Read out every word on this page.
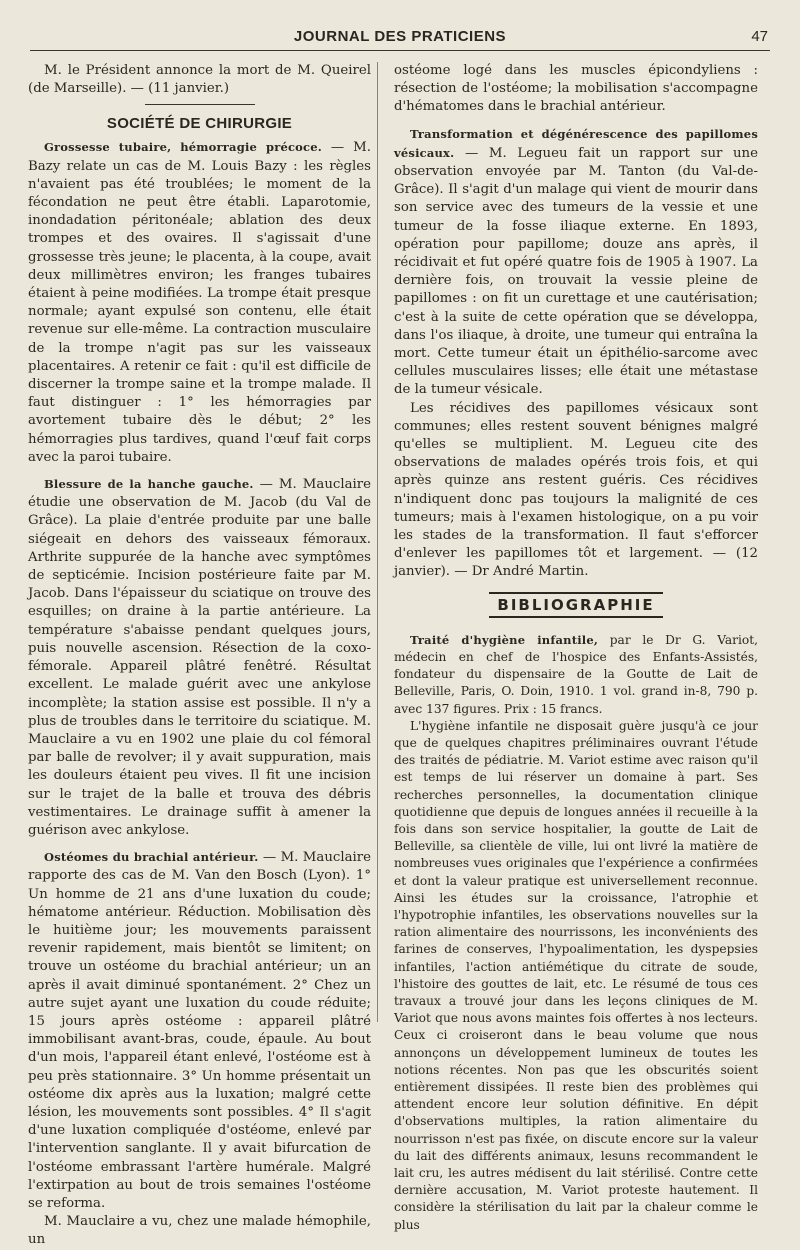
JOURNAL DES PRATICIENS	47

M. le Président annonce la mort de M. Queirel (de Marseille). — (11 janvier.)

SOCIÉTÉ DE CHIRURGIE

Grossesse tubaire, hémorragie précoce. — M. Bazy relate un cas de M. Louis Bazy : les règles n'avaient pas été troublées; le moment de la fécondation ne peut être établi. Laparotomie, inondadation péritonéale; ablation des deux trompes et des ovaires. Il s'agissait d'une grossesse très jeune; le placenta, à la coupe, avait deux millimètres environ; les franges tubaires étaient à peine modifiées. La trompe était presque normale; ayant expulsé son contenu, elle était revenue sur elle-même. La contraction musculaire de la trompe n'agit pas sur les vaisseaux placentaires. A retenir ce fait : qu'il est difficile de discerner la trompe saine et la trompe malade. Il faut distinguer : 1° les hémorragies par avortement tubaire dès le début; 2° les hémorragies plus tardives, quand l'œuf fait corps avec la paroi tubaire.

Blessure de la hanche gauche. — M. Mauclaire étudie une observation de M. Jacob (du Val de Grâce). La plaie d'entrée produite par une balle siégeait en dehors des vaisseaux fémoraux. Arthrite suppurée de la hanche avec symptômes de septicémie. Incision postérieure faite par M. Jacob. Dans l'épaisseur du sciatique on trouve des esquilles; on draine à la partie antérieure. La température s'abaisse pendant quelques jours, puis nouvelle ascension. Résection de la coxo-fémorale. Appareil plâtré fenêtré. Résultat excellent. Le malade guérit avec une ankylose incomplète; la station assise est possible. Il n'y a plus de troubles dans le territoire du sciatique. M. Mauclaire a vu en 1902 une plaie du col fémoral par balle de revolver; il y avait suppuration, mais les douleurs étaient peu vives. Il fit une incision sur le trajet de la balle et trouva des débris vestimentaires. Le drainage suffit à amener la guérison avec ankylose.

Ostéomes du brachial antérieur. — M. Mauclaire rapporte des cas de M. Van den Bosch (Lyon). 1° Un homme de 21 ans d'une luxation du coude; hématome antérieur. Réduction. Mobilisation dès le huitième jour; les mouvements paraissent revenir rapidement, mais bientôt se limitent; on trouve un ostéome du brachial antérieur; un an après il avait diminué spontanément. 2° Chez un autre sujet ayant une luxation du coude réduite; 15 jours après ostéome : appareil plâtré immobilisant avant-bras, coude, épaule. Au bout d'un mois, l'appareil étant enlevé, l'ostéome est à peu près stationnaire. 3° Un homme présentait un ostéome dix après aus la luxation; malgré cette lésion, les mouvements sont possibles. 4° Il s'agit d'une luxation compliquée d'ostéome, enlevé par l'intervention sanglante. Il y avait bifurcation de l'ostéome embrassant l'artère humérale. Malgré l'extirpation au bout de trois semaines l'ostéome se reforma.

M. Mauclaire a vu, chez une malade hémophile, un

ostéome logé dans les muscles épicondyliens : résection de l'ostéome; la mobilisation s'accompagne d'hématomes dans le brachial antérieur.

Transformation et dégénérescence des papillomes vésicaux. — M. Legueu fait un rapport sur une observation envoyée par M. Tanton (du Val-de-Grâce). Il s'agit d'un malage qui vient de mourir dans son service avec des tumeurs de la vessie et une tumeur de la fosse iliaque externe. En 1893, opération pour papillome; douze ans après, il récidivait et fut opéré quatre fois de 1905 à 1907. La dernière fois, on trouvait la vessie pleine de papillomes : on fit un curettage et une cautérisation; c'est à la suite de cette opération que se développa, dans l'os iliaque, à droite, une tumeur qui entraîna la mort. Cette tumeur était un épithélio-sarcome avec cellules musculaires lisses; elle était une métastase de la tumeur vésicale.

Les récidives des papillomes vésicaux sont communes; elles restent souvent bénignes malgré qu'elles se multiplient. M. Legueu cite des observations de malades opérés trois fois, et qui après quinze ans restent guéris. Ces récidives n'indiquent donc pas toujours la malignité de ces tumeurs; mais à l'examen histologique, on a pu voir les stades de la transformation. Il faut s'efforcer d'enlever les papillomes tôt et largement. — (12 janvier). — Dr André Martin.

BIBLIOGRAPHIE

Traité d'hygiène infantile, par le Dr G. Variot, médecin en chef de l'hospice des Enfants-Assistés, fondateur du dispensaire de la Goutte de Lait de Belleville, Paris, O. Doin, 1910. 1 vol. grand in-8, 790 p. avec 137 figures. Prix : 15 francs.

L'hygiène infantile ne disposait guère jusqu'à ce jour que de quelques chapitres préliminaires ouvrant l'étude des traités de pédiatrie. M. Variot estime avec raison qu'il est temps de lui réserver un domaine à part. Ses recherches personnelles, la documentation clinique quotidienne que depuis de longues années il recueille à la fois dans son service hospitalier, la goutte de Lait de Belleville, sa clientèle de ville, lui ont livré la matière de nombreuses vues originales que l'expérience a confirmées et dont la valeur pratique est universellement reconnue. Ainsi les études sur la croissance, l'atrophie et l'hypotrophie infantiles, les observations nouvelles sur la ration alimentaire des nourrissons, les inconvénients des farines de conserves, l'hypoalimentation, les dyspepsies infantiles, l'action antiémétique du citrate de soude, l'histoire des gouttes de lait, etc. Le résumé de tous ces travaux a trouvé jour dans les leçons cliniques de M. Variot que nous avons maintes fois offertes à nos lecteurs. Ceux ci croiseront dans le beau volume que nous annonçons un développement lumineux de toutes les notions récentes. Non pas que les obscurités soient entièrement dissipées. Il reste bien des problèmes qui attendent encore leur solution définitive. En dépit d'observations multiples, la ration alimentaire du nourrisson n'est pas fixée, on discute encore sur la valeur du lait des différents animaux, lesuns recommandent le lait cru, les autres médisent du lait stérilisé. Contre cette dernière accusation, M. Variot proteste hautement. Il considère la stérilisation du lait par la chaleur comme le plus
